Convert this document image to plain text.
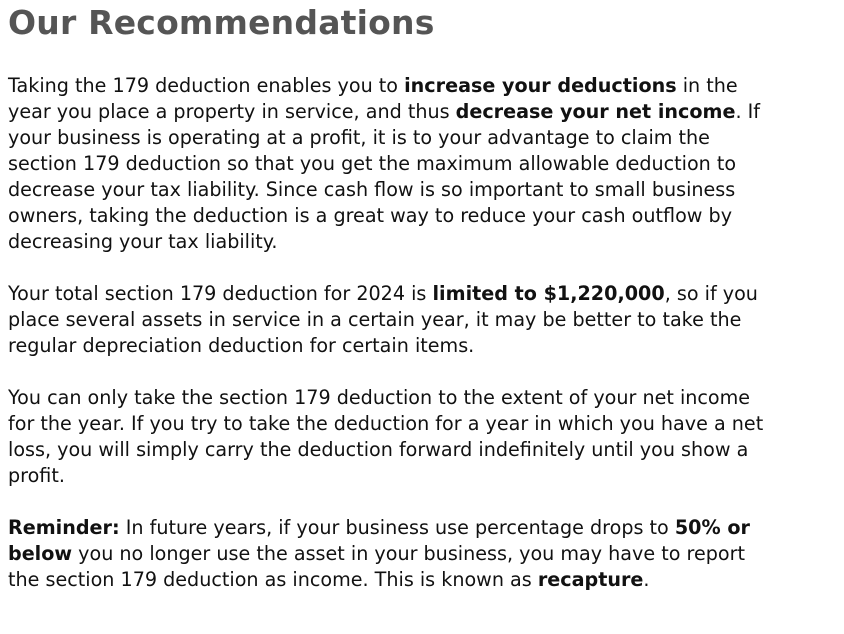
Our Recommendations

Taking the 179 deduction enables you to increase your deductions in the
year you place a property in service, and thus decrease your net income. If
your business is operating at a profit, it is to your advantage to claim the
section 179 deduction so that you get the maximum allowable deduction to
decrease your tax liability. Since cash flow is so important to small business
owners, taking the deduction is a great way to reduce your cash outflow by
decreasing your tax liability.

Your total section 179 deduction for 2024 is limited to $1,220,000, so if you
place several assets in service in a certain year, it may be better to take the
regular depreciation deduction for certain items.

You can only take the section 179 deduction to the extent of your net income
for the year. If you try to take the deduction for a year in which you have a net
loss, you will simply carry the deduction forward indefinitely until you show a
profit.

Reminder: In future years, if your business use percentage drops to 50% or
below you no longer use the asset in your business, you may have to report
the section 179 deduction as income. This is known as recapture.
